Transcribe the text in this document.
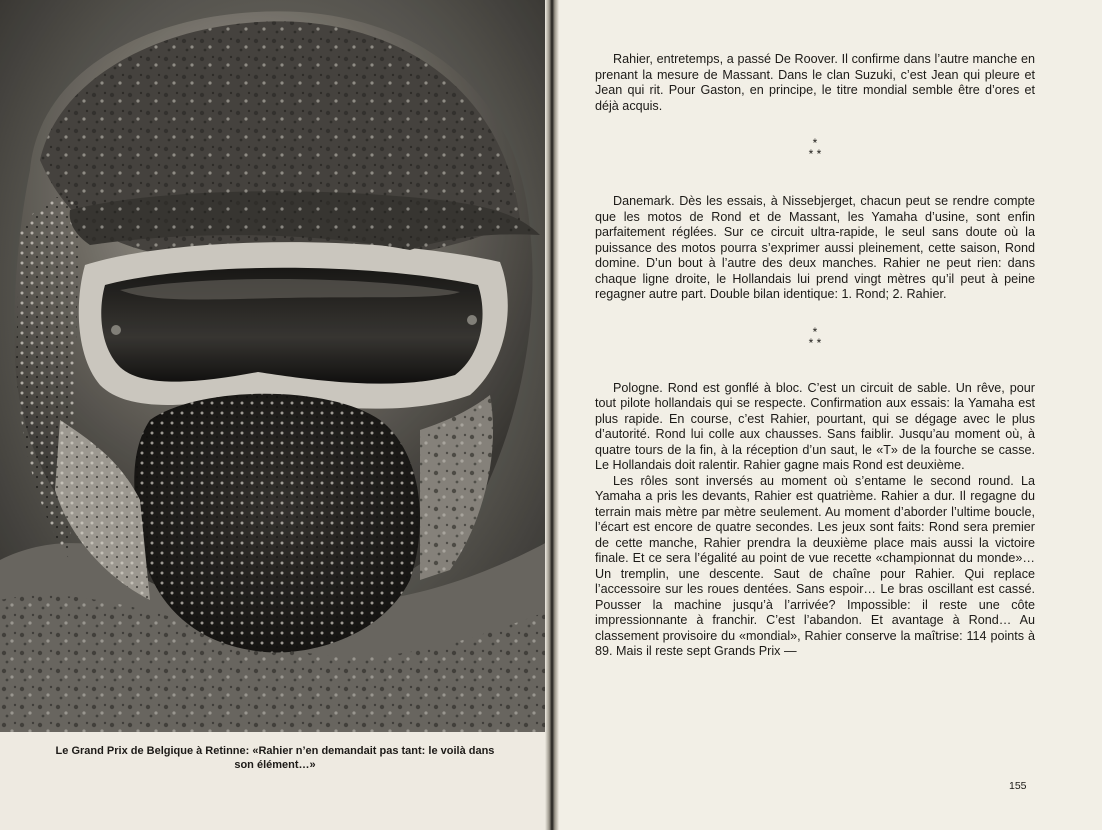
Le Grand Prix de Belgique à Retinne: «Rahier n’en demandait pas tant: le voilà dans
son élément…»

Rahier, entretemps, a passé De Roover. Il confirme dans l’autre manche en prenant la mesure de Massant. Dans le clan Suzuki, c’est Jean qui pleure et Jean qui rit. Pour Gaston, en principe, le titre mondial semble être d’ores et déjà acquis.

*
* *

Danemark. Dès les essais, à Nissebjerget, chacun peut se rendre compte que les motos de Rond et de Massant, les Yamaha d’usine, sont enfin parfaitement réglées. Sur ce circuit ultra-rapide, le seul sans doute où la puissance des motos pourra s’exprimer aussi pleinement, cette saison, Rond domine. D’un bout à l’autre des deux manches. Rahier ne peut rien: dans chaque ligne droite, le Hollandais lui prend vingt mètres qu’il peut à peine regagner autre part. Double bilan identique: 1. Rond; 2. Rahier.

*
* *

Pologne. Rond est gonflé à bloc. C’est un circuit de sable. Un rêve, pour tout pilote hollandais qui se respecte. Confirmation aux essais: la Yamaha est plus rapide. En course, c’est Rahier, pourtant, qui se dégage avec le plus d’autorité. Rond lui colle aux chausses. Sans faiblir. Jusqu’au moment où, à quatre tours de la fin, à la réception d’un saut, le «T» de la fourche se casse. Le Hollandais doit ralentir. Rahier gagne mais Rond est deuxième.

Les rôles sont inversés au moment où s’entame le second round. La Yamaha a pris les devants, Rahier est quatrième. Rahier a dur. Il regagne du terrain mais mètre par mètre seulement. Au moment d’aborder l’ultime boucle, l’écart est encore de quatre secondes. Les jeux sont faits: Rond sera premier de cette manche, Rahier prendra la deuxième place mais aussi la victoire finale. Et ce sera l’égalité au point de vue recette «championnat du monde»… Un tremplin, une descente. Saut de chaîne pour Rahier. Qui replace l’accessoire sur les roues dentées. Sans espoir… Le bras oscillant est cassé. Pousser la machine jusqu’à l’arrivée? Impossible: il reste une côte impressionnante à franchir. C’est l’abandon. Et avantage à Rond… Au classement provisoire du «mondial», Rahier conserve la maîtrise: 114 points à 89. Mais il reste sept Grands Prix —

155
